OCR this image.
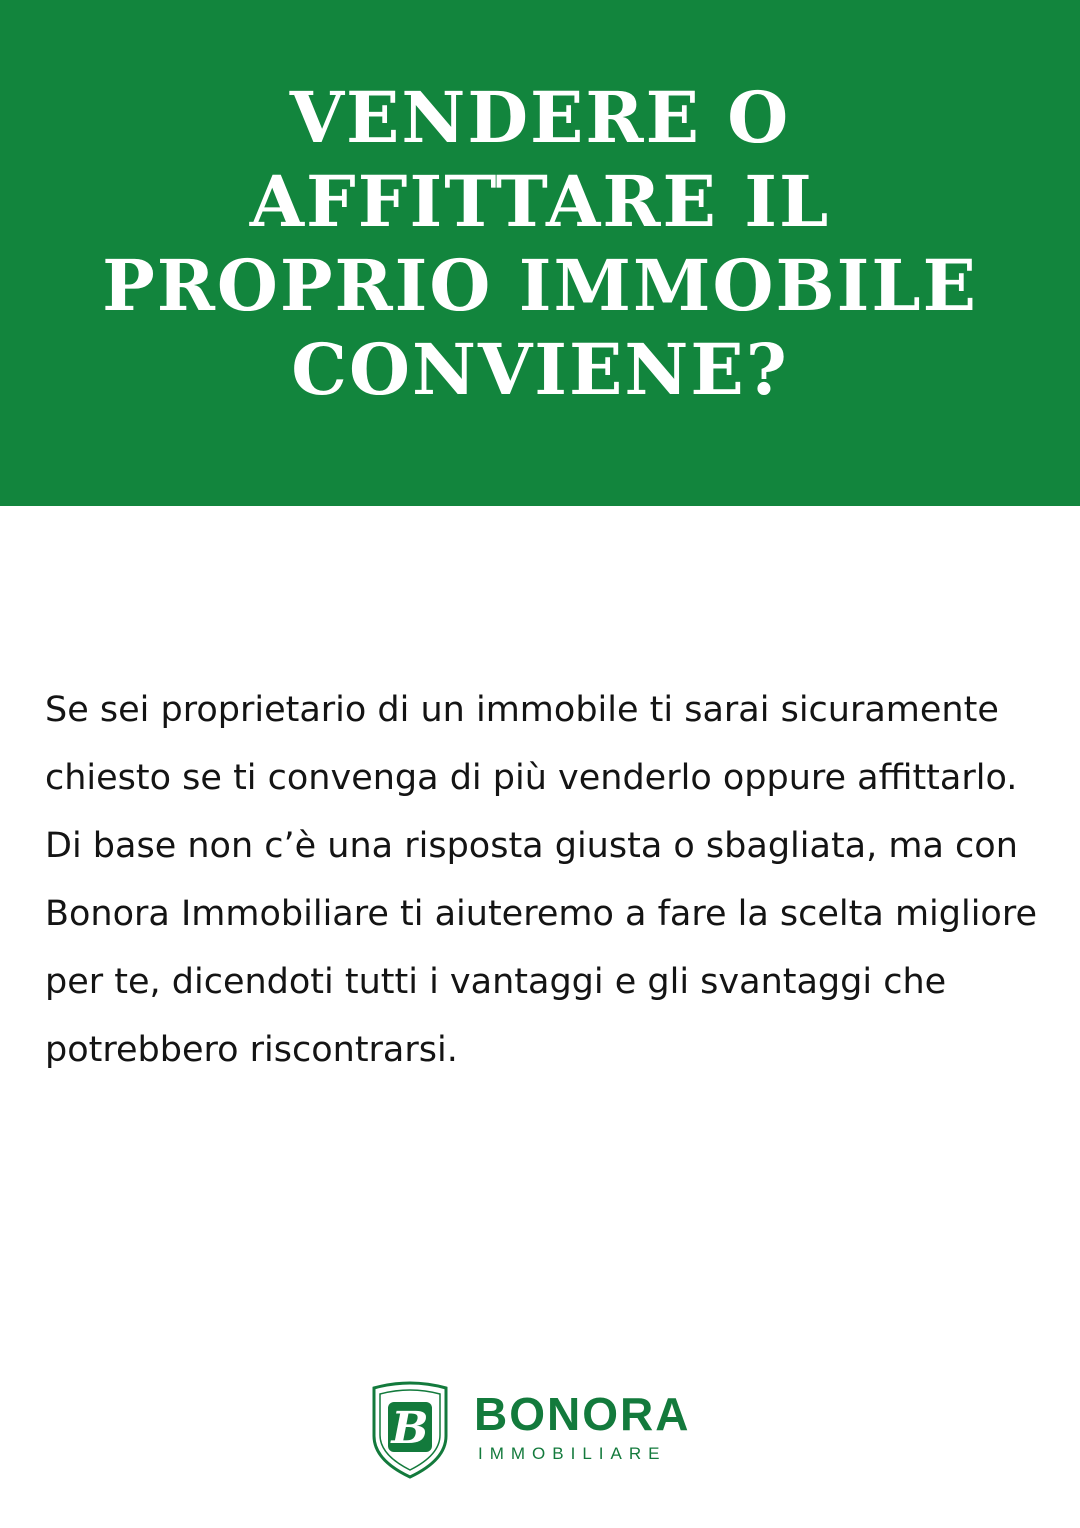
VENDERE O
AFFITTARE IL
PROPRIO IMMOBILE
CONVIENE?

Se sei proprietario di un immobile ti sarai sicuramente
chiesto se ti convenga di più venderlo oppure affittarlo.
Di base non c’è una risposta giusta o sbagliata, ma con
Bonora Immobiliare ti aiuteremo a fare la scelta migliore
per te, dicendoti tutti i vantaggi e gli svantaggi che
potrebbero riscontrarsi.

B BONORA
IMMOBILIARE
